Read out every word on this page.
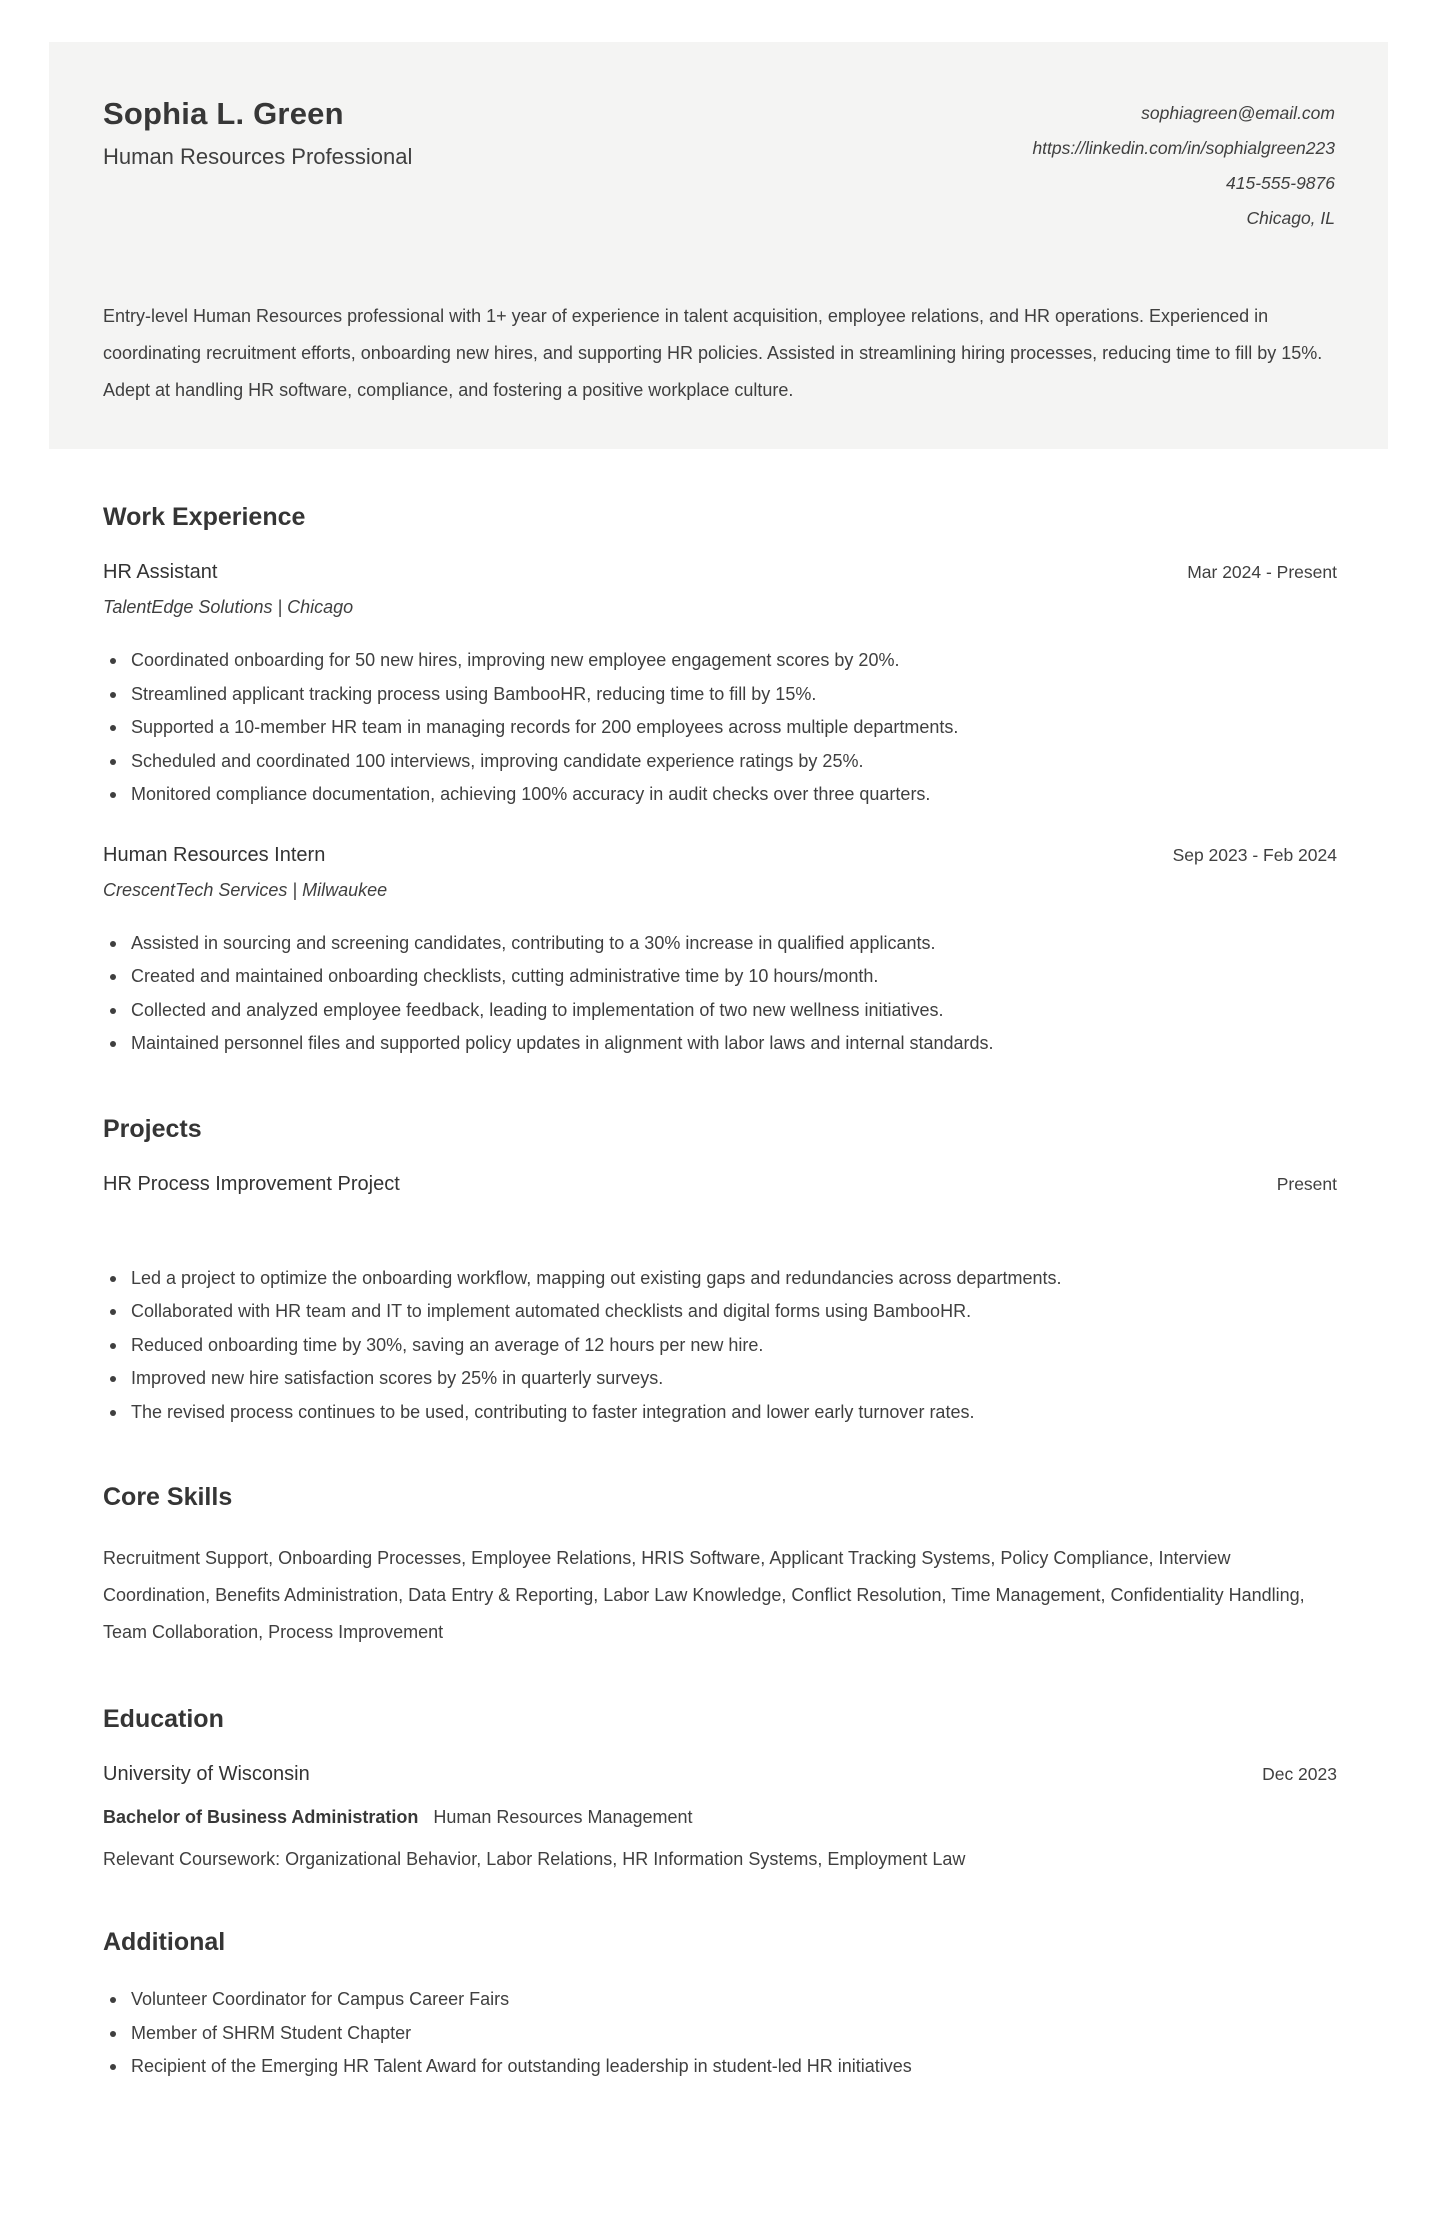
Sophia L. Green
Human Resources Professional
sophiagreen@email.com
https://linkedin.com/in/sophialgreen223
415-555-9876
Chicago, IL

Entry-level Human Resources professional with 1+ year of experience in talent acquisition, employee relations, and HR operations. Experienced in coordinating recruitment efforts, onboarding new hires, and supporting HR policies. Assisted in streamlining hiring processes, reducing time to fill by 15%. Adept at handling HR software, compliance, and fostering a positive workplace culture.

Work Experience
HR Assistant	Mar 2024 - Present
TalentEdge Solutions | Chicago
Coordinated onboarding for 50 new hires, improving new employee engagement scores by 20%.
Streamlined applicant tracking process using BambooHR, reducing time to fill by 15%.
Supported a 10-member HR team in managing records for 200 employees across multiple departments.
Scheduled and coordinated 100 interviews, improving candidate experience ratings by 25%.
Monitored compliance documentation, achieving 100% accuracy in audit checks over three quarters.
Human Resources Intern	Sep 2023 - Feb 2024
CrescentTech Services | Milwaukee
Assisted in sourcing and screening candidates, contributing to a 30% increase in qualified applicants.
Created and maintained onboarding checklists, cutting administrative time by 10 hours/month.
Collected and analyzed employee feedback, leading to implementation of two new wellness initiatives.
Maintained personnel files and supported policy updates in alignment with labor laws and internal standards.
Projects
HR Process Improvement Project	Present
Led a project to optimize the onboarding workflow, mapping out existing gaps and redundancies across departments.
Collaborated with HR team and IT to implement automated checklists and digital forms using BambooHR.
Reduced onboarding time by 30%, saving an average of 12 hours per new hire.
Improved new hire satisfaction scores by 25% in quarterly surveys.
The revised process continues to be used, contributing to faster integration and lower early turnover rates.
Core Skills

Recruitment Support, Onboarding Processes, Employee Relations, HRIS Software, Applicant Tracking Systems, Policy Compliance, Interview Coordination, Benefits Administration, Data Entry & Reporting, Labor Law Knowledge, Conflict Resolution, Time Management, Confidentiality Handling, Team Collaboration, Process Improvement

Education
University of Wisconsin	Dec 2023
Bachelor of Business Administration Human Resources Management
Relevant Coursework: Organizational Behavior, Labor Relations, HR Information Systems, Employment Law
Additional
Volunteer Coordinator for Campus Career Fairs
Member of SHRM Student Chapter
Recipient of the Emerging HR Talent Award for outstanding leadership in student-led HR initiatives
